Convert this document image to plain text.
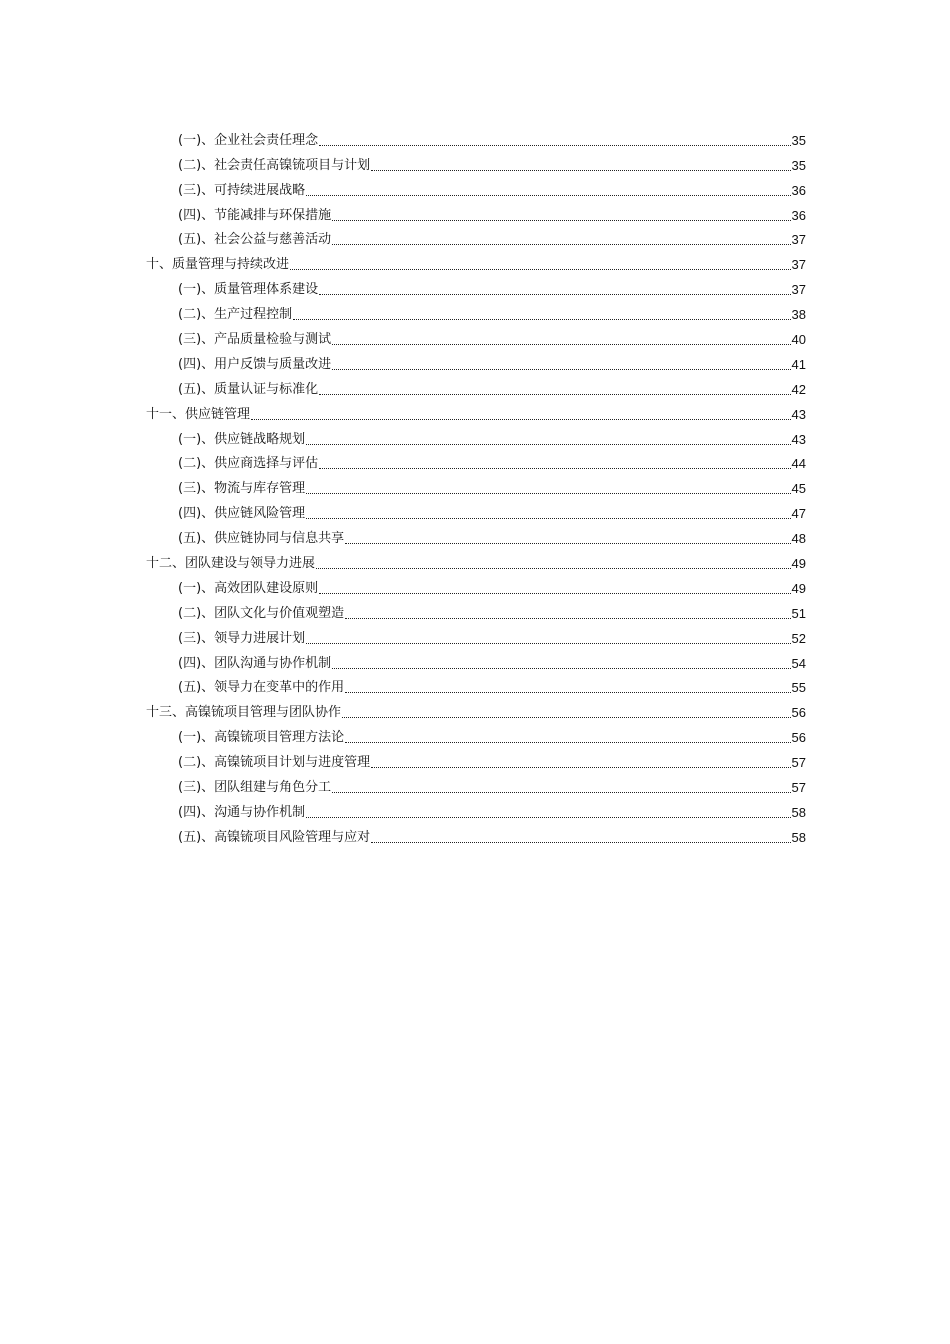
(一)、企业社会责任理念	35
(二)、社会责任高镍锍项目与计划	35
(三)、可持续进展战略	36
(四)、节能减排与环保措施	36
(五)、社会公益与慈善活动	37
十、质量管理与持续改进	37
(一)、质量管理体系建设	37
(二)、生产过程控制	38
(三)、产品质量检验与测试	40
(四)、用户反馈与质量改进	41
(五)、质量认证与标准化	42
十一、供应链管理	43
(一)、供应链战略规划	43
(二)、供应商选择与评估	44
(三)、物流与库存管理	45
(四)、供应链风险管理	47
(五)、供应链协同与信息共享	48
十二、团队建设与领导力进展	49
(一)、高效团队建设原则	49
(二)、团队文化与价值观塑造	51
(三)、领导力进展计划	52
(四)、团队沟通与协作机制	54
(五)、领导力在变革中的作用	55
十三、高镍锍项目管理与团队协作	56
(一)、高镍锍项目管理方法论	56
(二)、高镍锍项目计划与进度管理	57
(三)、团队组建与角色分工	57
(四)、沟通与协作机制	58
(五)、高镍锍项目风险管理与应对	58
